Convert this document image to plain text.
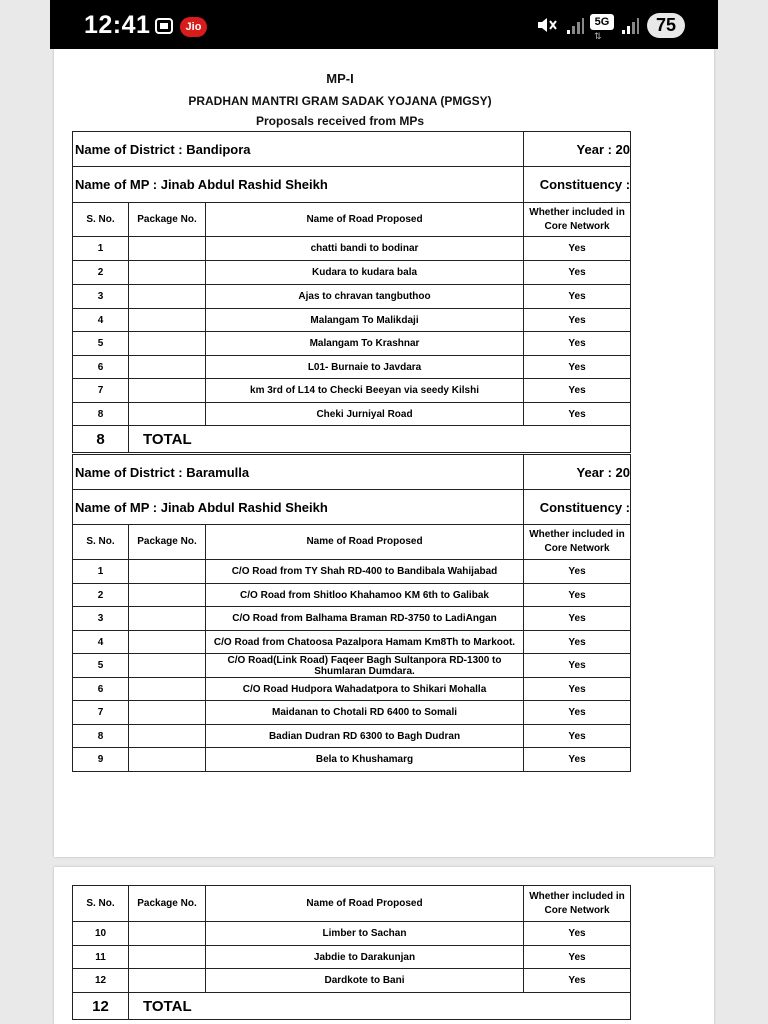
12:41	Jio	5G
⇅
75
MP-I
PRADHAN MANTRI GRAM SADAK YOJANA (PMGSY)
Proposals received from MPs
Name of District : Bandipora			Year : 20
Name of MP : Jinab Abdul Rashid Sheikh			Constituency :
S. No.	Package No.	Name of Road Proposed	Whether included in Core Network
1		chatti bandi to bodinar	Yes
2		Kudara to kudara bala	Yes
3		Ajas to chravan tangbuthoo	Yes
4		Malangam To Malikdaji	Yes
5		Malangam To Krashnar	Yes
6		L01- Burnaie to Javdara	Yes
7		km 3rd of L14 to Checki Beeyan via seedy Kilshi	Yes
8		Cheki Jurniyal Road	Yes
8	TOTAL		
Name of District : Baramulla			Year : 20
Name of MP : Jinab Abdul Rashid Sheikh			Constituency :
S. No.	Package No.	Name of Road Proposed	Whether included in Core Network
1		C/O Road from TY Shah RD-400 to Bandibala Wahijabad	Yes
2		C/O Road from Shitloo Khahamoo KM 6th to Galibak	Yes
3		C/O Road from Balhama Braman RD-3750 to LadiAngan	Yes
4		C/O Road from Chatoosa Pazalpora Hamam Km8Th to Markoot.	Yes
5		C/O Road(Link Road) Faqeer Bagh Sultanpora RD-1300 to Shumlaran Dumdara.	Yes
6		C/O Road Hudpora Wahadatpora to Shikari Mohalla	Yes
7		Maidanan to Chotali RD 6400 to Somali	Yes
8		Badian Dudran RD 6300 to Bagh Dudran	Yes
9		Bela to Khushamarg	Yes
S. No.	Package No.	Name of Road Proposed	Whether included in Core Network
10		Limber to Sachan	Yes
11		Jabdie to Darakunjan	Yes
12		Dardkote to Bani	Yes
12	TOTAL		
